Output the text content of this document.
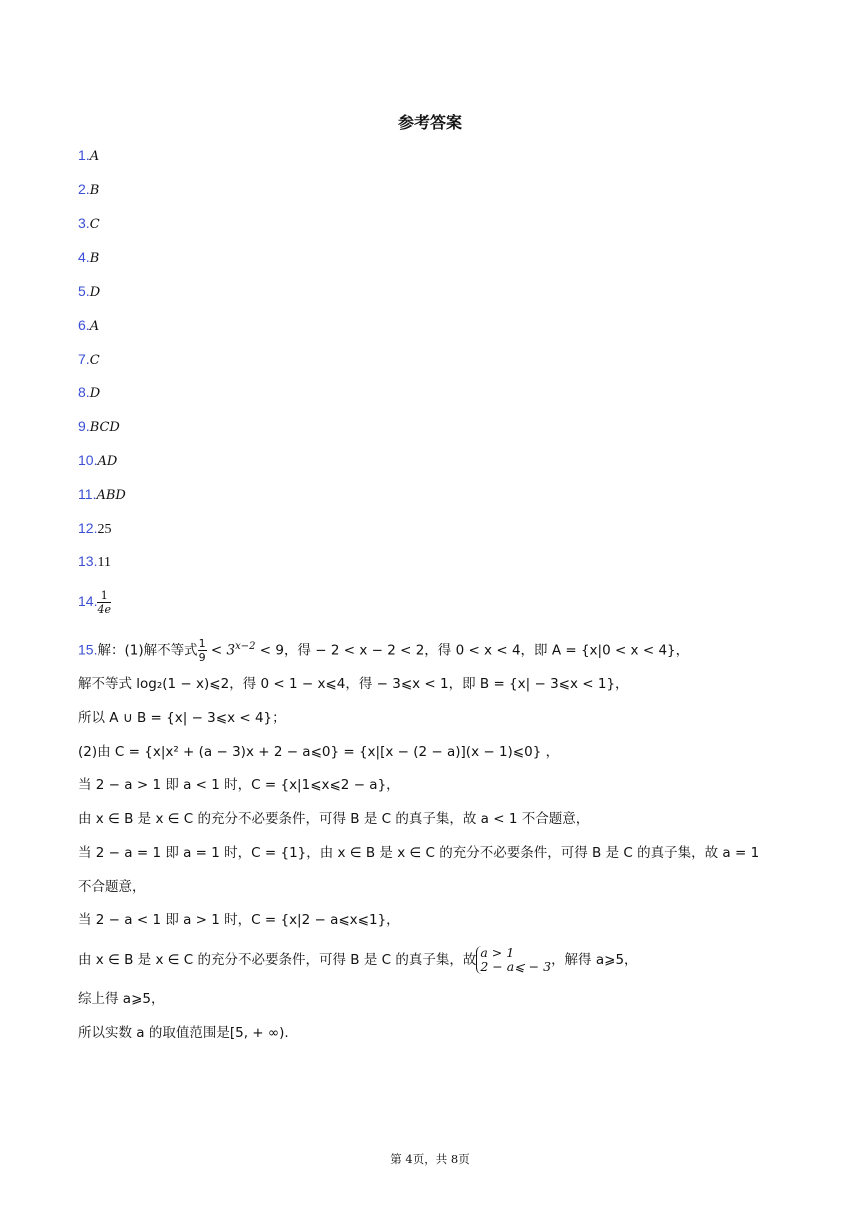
参考答案
1.A
2.B
3.C
4.B
5.D
6.A
7.C
8.D
9.BCD
10.AD
11.ABD
12.25
13.11
14. $\frac{1}{4e}$
15.解：(1)解不等式 $\frac{1}{9} < 3^{x-2} < 9$，得 − 2 < x − 2 < 2，得 0 < x < 4，即 A = {x|0 < x < 4}，
解不等式 log₂(1 − x)⩽2，得 0 < 1 − x⩽4，得 − 3⩽x < 1，即 B = {x| − 3⩽x < 1}，
所以 A ∪ B = {x| − 3⩽x < 4}；
(2)由 C = {x|x² + (a − 3)x + 2 − a⩽0} = {x|[x − (2 − a)](x − 1)⩽0} ，
当 2 − a > 1 即 a < 1 时，C = {x|1⩽x⩽2 − a}，
由 x ∈ B 是 x ∈ C 的充分不必要条件，可得 B 是 C 的真子集，故 a < 1 不合题意，
当 2 − a = 1 即 a = 1 时，C = {1}，由 x ∈ B 是 x ∈ C 的充分不必要条件，可得 B 是 C 的真子集，故 a = 1
不合题意，
当 2 − a < 1 即 a > 1 时，C = {x|2 − a⩽x⩽1}，
由 x ∈ B 是 x ∈ C 的充分不必要条件，可得 B 是 C 的真子集，故 a > 1
2 − a⩽ − 3 ，解得 a⩾5，
综上得 a⩾5，
所以实数 a 的取值范围是[5, + ∞).
第 4页，共 8页
